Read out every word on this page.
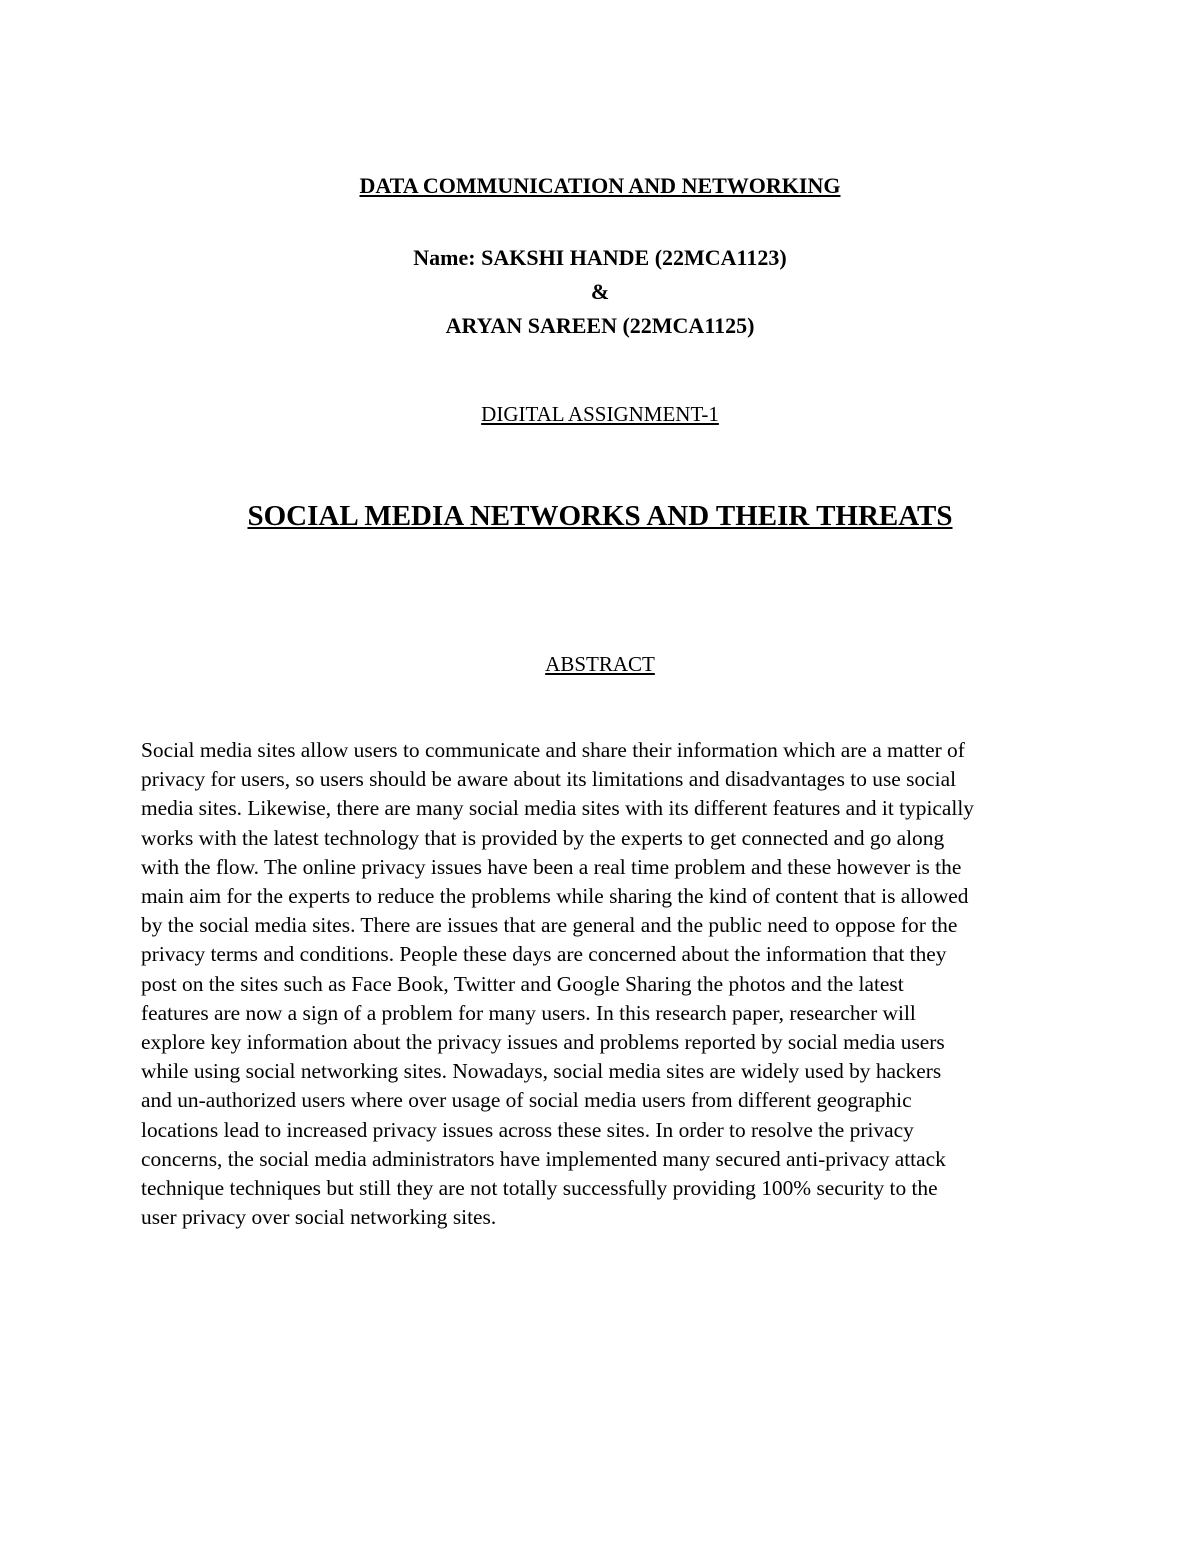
DATA COMMUNICATION AND NETWORKING
Name: SAKSHI HANDE (22MCA1123)
&
ARYAN SAREEN (22MCA1125)
DIGITAL ASSIGNMENT-1
SOCIAL MEDIA NETWORKS AND THEIR THREATS
ABSTRACT
Social media sites allow users to communicate and share their information which are a matter of
privacy for users, so users should be aware about its limitations and disadvantages to use social
media sites. Likewise, there are many social media sites with its different features and it typically
works with the latest technology that is provided by the experts to get connected and go along
with the flow. The online privacy issues have been a real time problem and these however is the
main aim for the experts to reduce the problems while sharing the kind of content that is allowed
by the social media sites. There are issues that are general and the public need to oppose for the
privacy terms and conditions. People these days are concerned about the information that they
post on the sites such as Face Book, Twitter and Google Sharing the photos and the latest
features are now a sign of a problem for many users. In this research paper, researcher will
explore key information about the privacy issues and problems reported by social media users
while using social networking sites. Nowadays, social media sites are widely used by hackers
and un-authorized users where over usage of social media users from different geographic
locations lead to increased privacy issues across these sites. In order to resolve the privacy
concerns, the social media administrators have implemented many secured anti-privacy attack
technique techniques but still they are not totally successfully providing 100% security to the
user privacy over social networking sites.
